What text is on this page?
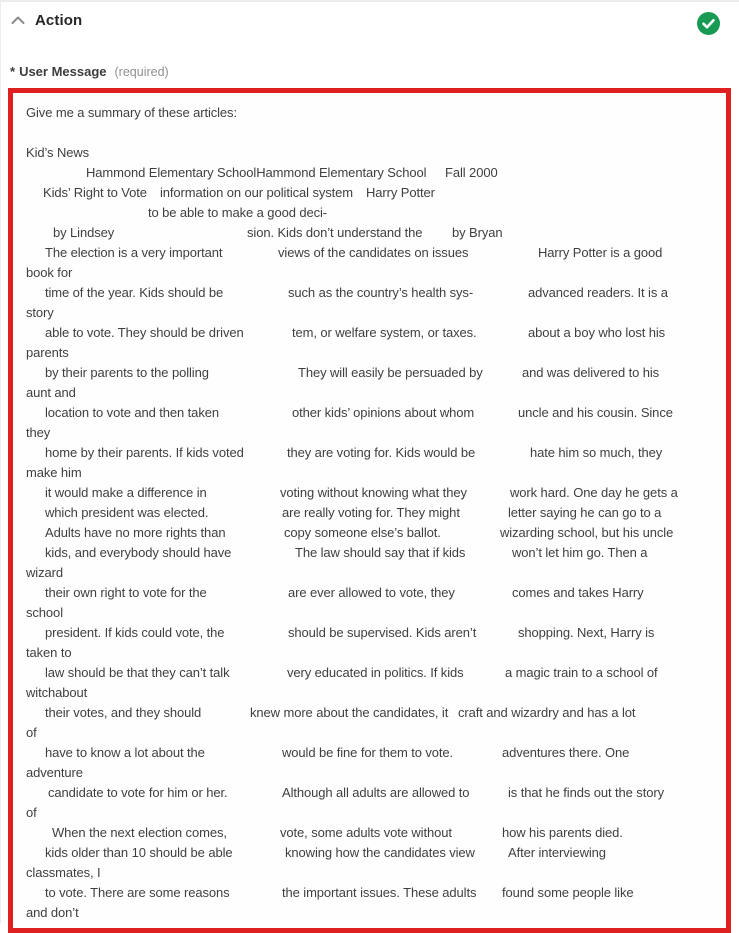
Action
* User Message (required)
Give me a summary of these articles:
Kid’s News
Hammond Elementary SchoolHammond Elementary School Fall 2000
Kids’ Right to Vote information on our political system Harry Potter
to be able to make a good deci-
by Lindsey	sion. Kids don’t understand the by Bryan
The election is a very important	views of the candidates on issues	Harry Potter is a good
book for
time of the year. Kids should be	such as the country’s health sys-	advanced readers. It is a
story
able to vote. They should be driven	tem, or welfare system, or taxes.	about a boy who lost his
parents
by their parents to the polling	They will easily be persuaded by	and was delivered to his
aunt and
location to vote and then taken	other kids’ opinions about whom	uncle and his cousin. Since
they
home by their parents. If kids voted	they are voting for. Kids would be	hate him so much, they
make him
it would make a difference in	voting without knowing what they	work hard. One day he gets a
which president was elected.	are really voting for. They might	letter saying he can go to a
Adults have no more rights than	copy someone else’s ballot.	wizarding school, but his uncle
kids, and everybody should have	The law should say that if kids	won’t let him go. Then a
wizard
their own right to vote for the	are ever allowed to vote, they	comes and takes Harry
school
president. If kids could vote, the	should be supervised. Kids aren’t	shopping. Next, Harry is
taken to
law should be that they can’t talk	very educated in politics. If kids	a magic train to a school of
witchabout
their votes, and they should	knew more about the candidates, it craft and wizardry and has a lot
of
have to know a lot about the	would be fine for them to vote.	adventures there. One
adventure
candidate to vote for him or her.	Although all adults are allowed to	is that he finds out the story
of
When the next election comes,	vote, some adults vote without	how his parents died.
kids older than 10 should be able	knowing how the candidates view	After interviewing
classmates, I
to vote. There are some reasons	the important issues. These adults found some people like
and don’t
